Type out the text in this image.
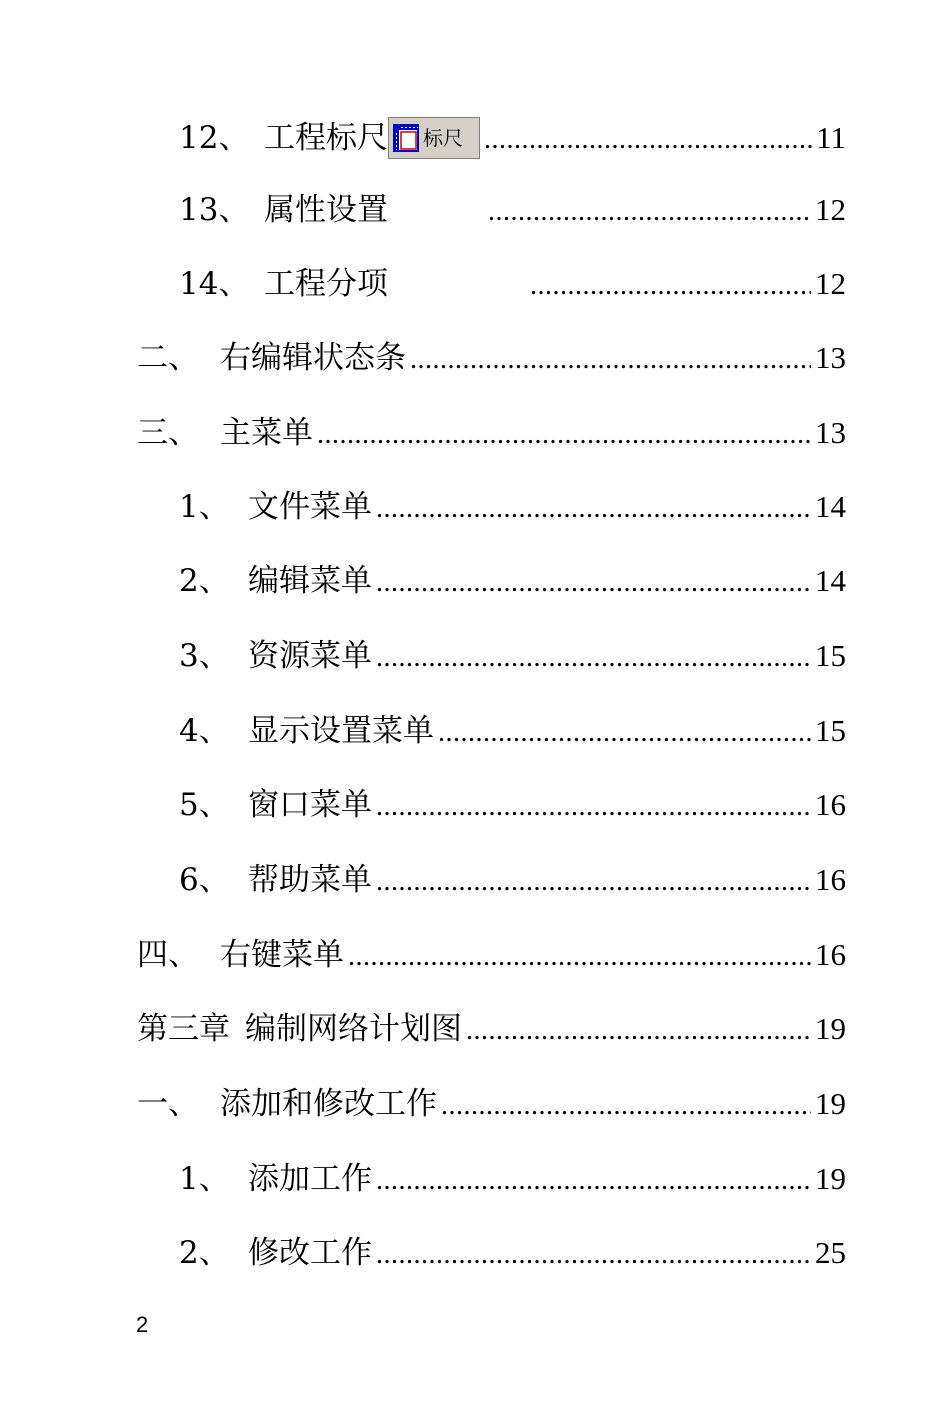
12、 工程标尺 标尺 .....	11
13、 属性设置 .....	12
14、 工程分项 .....	12
二、 右编辑状态条 .....	13
三、 主菜单 .....	13
1、 文件菜单 .....	14
2、 编辑菜单 .....	14
3、 资源菜单 .....	15
4、 显示设置菜单 .....	15
5、 窗口菜单 .....	16
6、 帮助菜单 .....	16
四、 右键菜单 .....	16
第三章 编制网络计划图 .....	19
一、 添加和修改工作 .....	19
1、 添加工作 .....	19
2、 修改工作 .....	25
2
